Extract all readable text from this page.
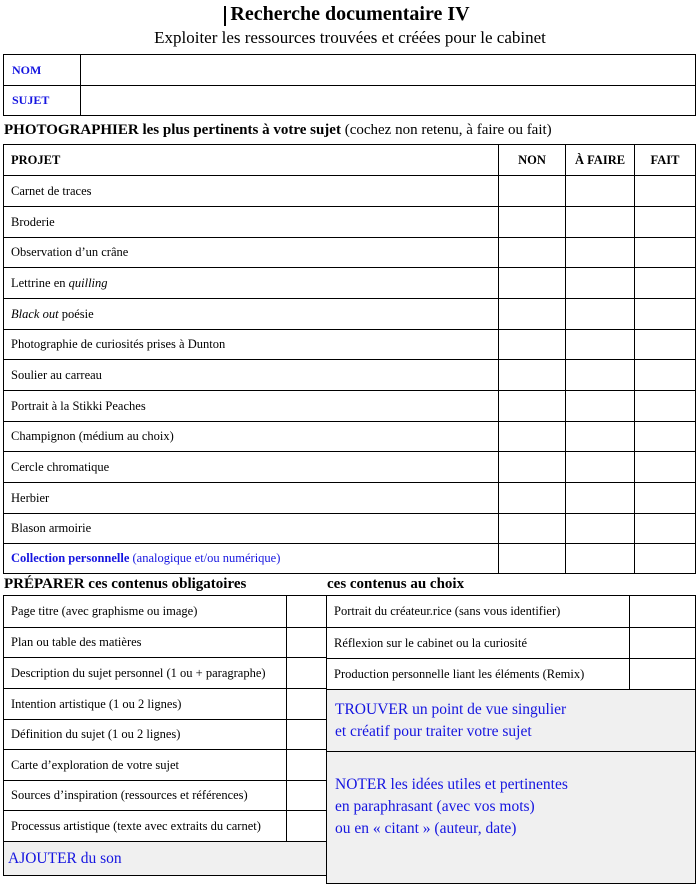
Recherche documentaire IV
Exploiter les ressources trouvées et créées pour le cabinet
NOM	
SUJET	
PHOTOGRAPHIER les plus pertinents à votre sujet (cochez non retenu, à faire ou fait)
PROJET	NON	À FAIRE	FAIT
Carnet de traces			
Broderie			
Observation d’un crâne			
Lettrine en quilling			
Black out poésie			
Photographie de curiosités prises à Dunton			
Soulier au carreau			
Portrait à la Stikki Peaches			
Champignon (médium au choix)			
Cercle chromatique			
Herbier			
Blason armoirie			
Collection personnelle (analogique et/ou numérique)			
PRÉPARER ces contenus obligatoires	ces contenus au choix
Page titre (avec graphisme ou image)	
Plan ou table des matières	
Description du sujet personnel (1 ou + paragraphe)	
Intention artistique (1 ou 2 lignes)	
Définition du sujet (1 ou 2 lignes)	
Carte d’exploration de votre sujet	
Sources d’inspiration (ressources et références)	
Processus artistique (texte avec extraits du carnet)	
AJOUTER du son	
Portrait du créateur.rice (sans vous identifier)	
Réflexion sur le cabinet ou la curiosité	
Production personnelle liant les éléments (Remix)	

TROUVER un point de vue singulier
et créatif pour traiter votre sujet	

NOTER les idées utiles et pertinentes
en paraphrasant (avec vos mots)
ou en « citant » (auteur, date)	
